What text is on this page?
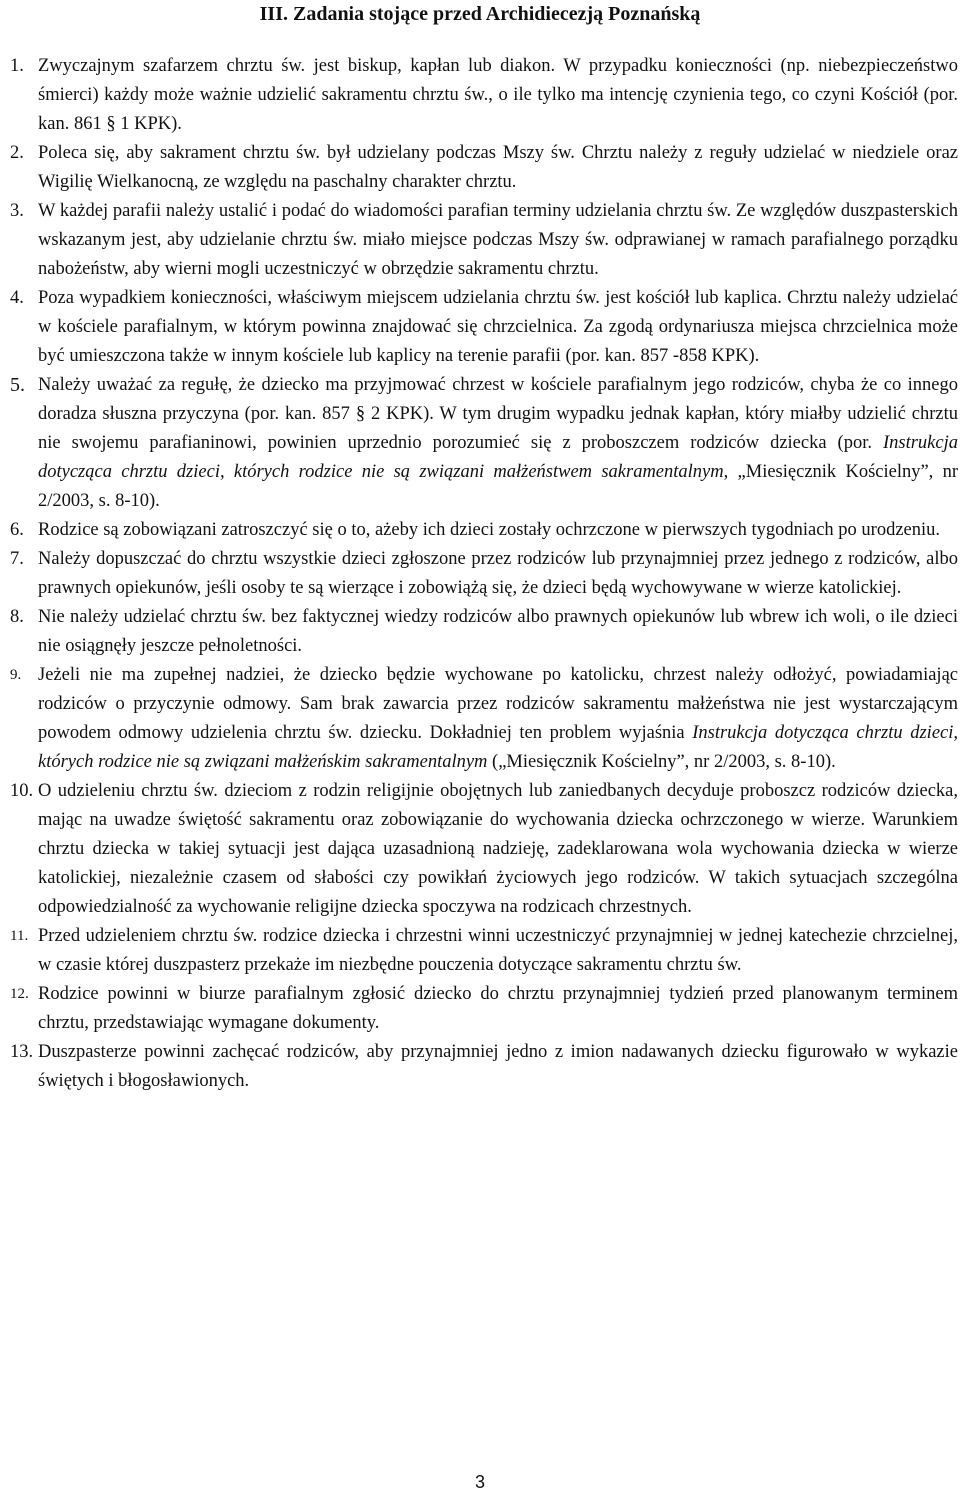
III. Zadania stojące przed Archidiecezją Poznańską
1. Zwyczajnym szafarzem chrztu św. jest biskup, kapłan lub diakon. W przypadku konieczności (np. niebezpieczeństwo śmierci) każdy może ważnie udzielić sakramentu chrztu św., o ile tylko ma intencję czynienia tego, co czyni Kościół (por. kan. 861 § 1 KPK).
2. Poleca się, aby sakrament chrztu św. był udzielany podczas Mszy św. Chrztu należy z reguły udzielać w niedziele oraz Wigilię Wielkanocną, ze względu na paschalny charakter chrztu.
3. W każdej parafii należy ustalić i podać do wiadomości parafian terminy udzielania chrztu św. Ze względów duszpasterskich wskazanym jest, aby udzielanie chrztu św. miało miejsce podczas Mszy św. odprawianej w ramach parafialnego porządku nabożeństw, aby wierni mogli uczestniczyć w obrzędzie sakramentu chrztu.
4. Poza wypadkiem konieczności, właściwym miejscem udzielania chrztu św. jest kościół lub kaplica. Chrztu należy udzielać w kościele parafialnym, w którym powinna znajdować się chrzcielnica. Za zgodą ordynariusza miejsca chrzcielnica może być umieszczona także w innym kościele lub kaplicy na terenie parafii (por. kan. 857 -858 KPK).
5. Należy uważać za regułę, że dziecko ma przyjmować chrzest w kościele parafialnym jego rodziców, chyba że co innego doradza słuszna przyczyna (por. kan. 857 § 2 KPK). W tym drugim wypadku jednak kapłan, który miałby udzielić chrztu nie swojemu parafianinowi, powinien uprzednio porozumieć się z proboszczem rodziców dziecka (por. Instrukcja dotycząca chrztu dzieci, których rodzice nie są związani małżeństwem sakramentalnym, „Miesięcznik Kościelny”, nr 2/2003, s. 8-10).
6. Rodzice są zobowiązani zatroszczyć się o to, ażeby ich dzieci zostały ochrzczone w pierwszych tygodniach po urodzeniu.
7. Należy dopuszczać do chrztu wszystkie dzieci zgłoszone przez rodziców lub przynajmniej przez jednego z rodziców, albo prawnych opiekunów, jeśli osoby te są wierzące i zobowiążą się, że dzieci będą wychowywane w wierze katolickiej.
8. Nie należy udzielać chrztu św. bez faktycznej wiedzy rodziców albo prawnych opiekunów lub wbrew ich woli, o ile dzieci nie osiągnęły jeszcze pełnoletności.
9. Jeżeli nie ma zupełnej nadziei, że dziecko będzie wychowane po katolicku, chrzest należy odłożyć, powiadamiając rodziców o przyczynie odmowy. Sam brak zawarcia przez rodziców sakramentu małżeństwa nie jest wystarczającym powodem odmowy udzielenia chrztu św. dziecku. Dokładniej ten problem wyjaśnia Instrukcja dotycząca chrztu dzieci, których rodzice nie są związani małżeńskim sakramentalnym („Miesięcznik Kościelny”, nr 2/2003, s. 8-10).
10. O udzieleniu chrztu św. dzieciom z rodzin religijnie obojętnych lub zaniedbanych decyduje proboszcz rodziców dziecka, mając na uwadze świętość sakramentu oraz zobowiązanie do wychowania dziecka ochrzczonego w wierze. Warunkiem chrztu dziecka w takiej sytuacji jest dająca uzasadnioną nadzieję, zadeklarowana wola wychowania dziecka w wierze katolickiej, niezależnie czasem od słabości czy powikłań życiowych jego rodziców. W takich sytuacjach szczególna odpowiedzialność za wychowanie religijne dziecka spoczywa na rodzicach chrzestnych.
11. Przed udzieleniem chrztu św. rodzice dziecka i chrzestni winni uczestniczyć przynajmniej w jednej katechezie chrzcielnej, w czasie której duszpasterz przekaże im niezbędne pouczenia dotyczące sakramentu chrztu św.
12. Rodzice powinni w biurze parafialnym zgłosić dziecko do chrztu przynajmniej tydzień przed planowanym terminem chrztu, przedstawiając wymagane dokumenty.
13. Duszpasterze powinni zachęcać rodziców, aby przynajmniej jedno z imion nadawanych dziecku figurowało w wykazie świętych i błogosławionych.
3
